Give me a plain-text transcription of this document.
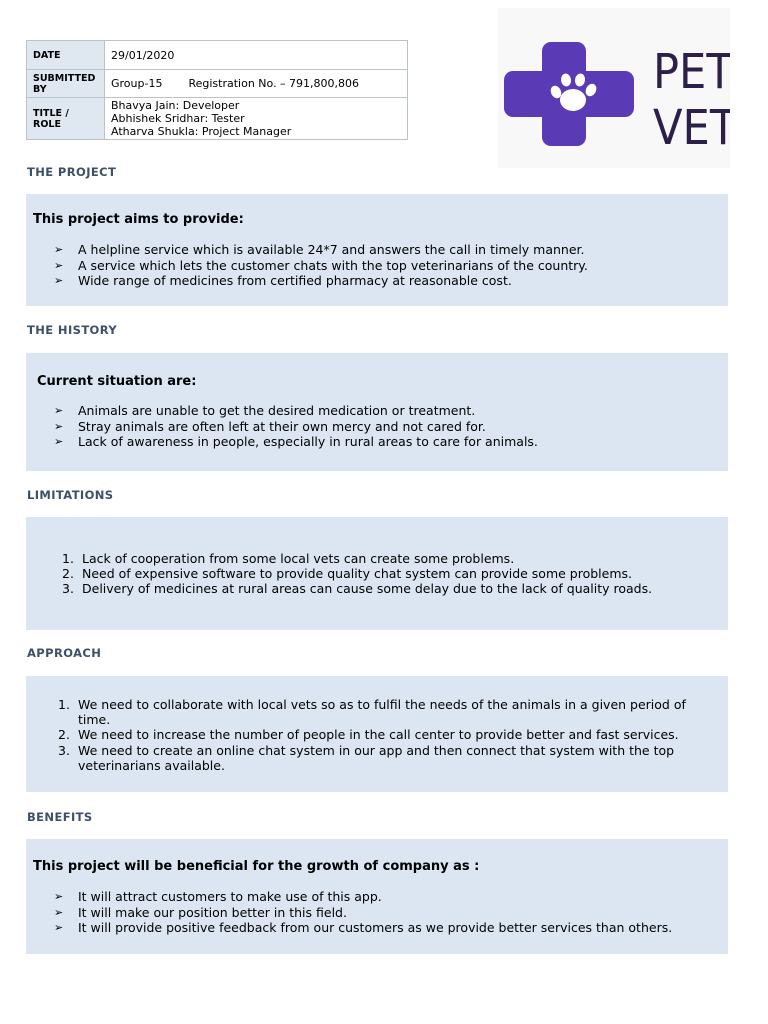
DATE	29/01/2020
SUBMITTED BY	Group-15 Registration No. – 791,800,806
TITLE / ROLE	Bhavya Jain: Developer
Abhishek Sridhar: Tester
Atharva Shukla: Project Manager
PET
VET
THE PROJECT
This project aims to provide:
➢ A helpline service which is available 24*7 and answers the call in timely manner.
➢ A service which lets the customer chats with the top veterinarians of the country.
➢ Wide range of medicines from certified pharmacy at reasonable cost.
THE HISTORY
Current situation are:
➢ Animals are unable to get the desired medication or treatment.
➢ Stray animals are often left at their own mercy and not cared for.
➢ Lack of awareness in people, especially in rural areas to care for animals.
LIMITATIONS
1. Lack of cooperation from some local vets can create some problems.
2. Need of expensive software to provide quality chat system can provide some problems.
3. Delivery of medicines at rural areas can cause some delay due to the lack of quality roads.
APPROACH
1. We need to collaborate with local vets so as to fulfil the needs of the animals in a given period of time.
2. We need to increase the number of people in the call center to provide better and fast services.
3. We need to create an online chat system in our app and then connect that system with the top veterinarians available.
BENEFITS
This project will be beneficial for the growth of company as :
➢ It will attract customers to make use of this app.
➢ It will make our position better in this field.
➢ It will provide positive feedback from our customers as we provide better services than others.
